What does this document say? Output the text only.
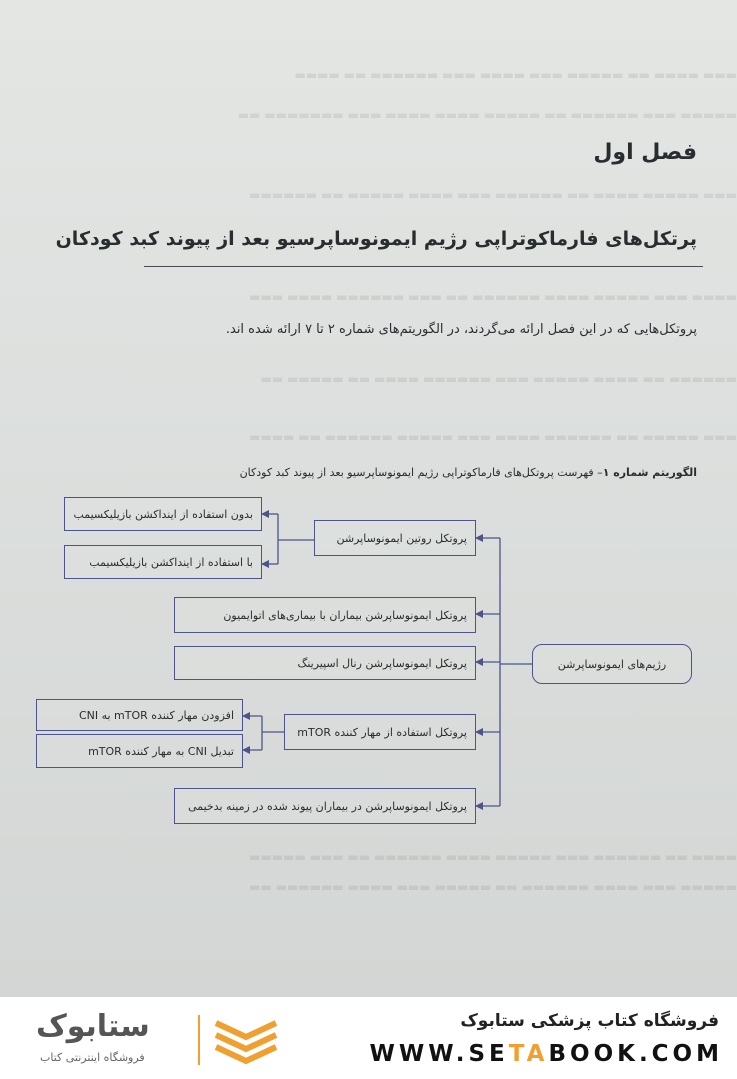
▬▬▬ ▬▬▬▬ ▬▬ ▬▬▬▬▬ ▬▬▬ ▬▬▬▬ ▬▬▬ ▬▬▬▬▬▬ ▬▬ ▬▬▬▬
▬▬▬▬▬ ▬▬▬ ▬▬▬▬▬▬ ▬▬ ▬▬▬▬▬ ▬▬▬▬ ▬▬▬▬ ▬▬▬ ▬▬▬▬▬▬▬ ▬▬
▬▬▬ ▬▬▬▬▬ ▬▬▬▬ ▬▬ ▬▬▬▬▬▬ ▬▬▬ ▬▬▬▬ ▬▬▬▬▬ ▬▬ ▬▬▬▬▬▬
▬▬▬▬ ▬▬▬ ▬▬▬▬▬ ▬▬▬▬ ▬▬▬▬▬▬ ▬▬ ▬▬▬ ▬▬▬▬▬▬ ▬▬▬▬ ▬▬▬
▬▬▬▬▬▬ ▬▬ ▬▬▬▬ ▬▬▬▬▬ ▬▬▬ ▬▬▬▬▬▬ ▬▬▬▬ ▬▬ ▬▬▬▬▬ ▬▬
▬▬▬ ▬▬▬▬▬ ▬▬ ▬▬▬▬▬▬ ▬▬▬▬ ▬▬▬ ▬▬▬▬▬ ▬▬▬▬▬▬ ▬▬ ▬▬▬▬
▬▬▬▬ ▬▬ ▬▬▬▬▬▬ ▬▬▬ ▬▬▬▬▬ ▬▬▬▬ ▬▬▬▬▬▬ ▬▬ ▬▬▬ ▬▬▬▬▬
▬▬▬▬▬ ▬▬▬ ▬▬▬▬ ▬▬▬▬▬▬ ▬▬ ▬▬▬▬▬ ▬▬▬ ▬▬▬▬ ▬▬▬▬▬▬ ▬▬
فصل اول
پرتکل‌های فارماکوتراپی رژیم ایمونوساپرسیو بعد از پیوند کبد کودکان

پروتکل‌هایی که در این فصل ارائه می‌گردند، در الگوریتم‌های شماره ۲ تا ۷ ارائه شده اند.

الگوریتم شماره ۱– فهرست پروتکل‌های فارماکوتراپی رژیم ایمونوساپرسیو بعد از پیوند کبد کودکان
رژیم‌های ایمونوساپرشن
پروتکل روتین ایمونوساپرشن
بدون استفاده از اینداکشن بازیلیکسیمب
با استفاده از اینداکشن بازیلیکسیمب
پروتکل ایمونوساپرشن بیماران با بیماری‌های اتوایمیون
پروتکل ایمونوساپرشن رنال اسپیرینگ
پروتکل استفاده از مهار کننده mTOR
افزودن مهار کننده mTOR به CNI
تبدیل CNI به مهار کننده mTOR
پروتکل ایمونوساپرشن در بیماران پیوند شده در زمینه بدخیمی
فروشگاه کتاب پزشکی ستابوک
WWW.SETABOOK.COM
ستابوک
فروشگاه اینترنتی کتاب
